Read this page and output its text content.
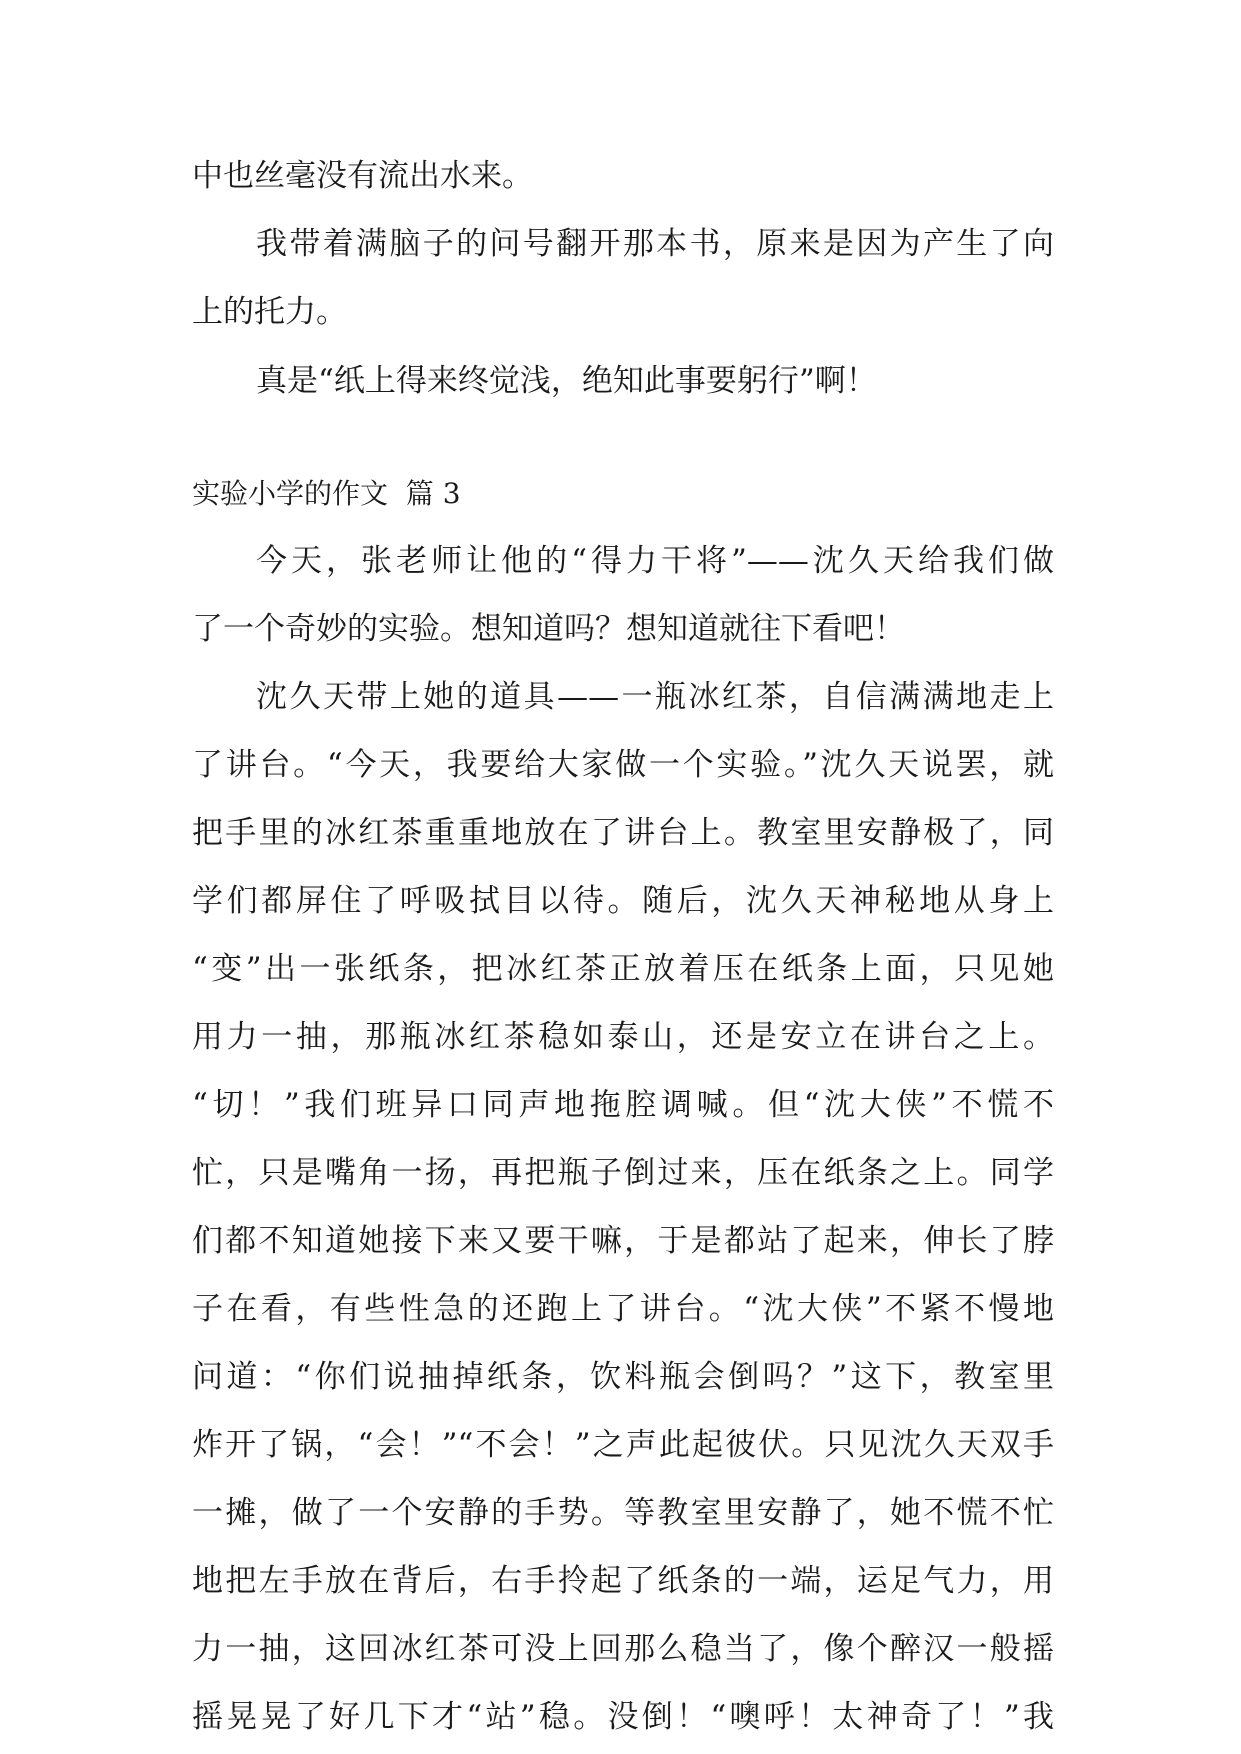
中也丝毫没有流出水来。
我带着满脑子的问号翻开那本书，原来是因为产生了向
上的托力。
真是“纸上得来终觉浅，绝知此事要躬行”啊！
实验小学的作文  篇 3
今天，张老师让他的“得力干将”——沈久天给我们做
了一个奇妙的实验。想知道吗？想知道就往下看吧！
沈久天带上她的道具——一瓶冰红茶，自信满满地走上
了讲台。“今天，我要给大家做一个实验。”沈久天说罢，就
把手里的冰红茶重重地放在了讲台上。教室里安静极了，同
学们都屏住了呼吸拭目以待。随后，沈久天神秘地从身上
“变”出一张纸条，把冰红茶正放着压在纸条上面，只见她
用力一抽，那瓶冰红茶稳如泰山，还是安立在讲台之上。
“切！”我们班异口同声地拖腔调喊。但“沈大侠”不慌不
忙，只是嘴角一扬，再把瓶子倒过来，压在纸条之上。同学
们都不知道她接下来又要干嘛，于是都站了起来，伸长了脖
子在看，有些性急的还跑上了讲台。“沈大侠”不紧不慢地
问道：“你们说抽掉纸条，饮料瓶会倒吗？”这下，教室里
炸开了锅，“会！”“不会！”之声此起彼伏。只见沈久天双手
一摊，做了一个安静的手势。等教室里安静了，她不慌不忙
地把左手放在背后，右手拎起了纸条的一端，运足气力，用
力一抽，这回冰红茶可没上回那么稳当了，像个醉汉一般摇
摇晃晃了好几下才“站”稳。没倒！“噢呼！太神奇了！”我
